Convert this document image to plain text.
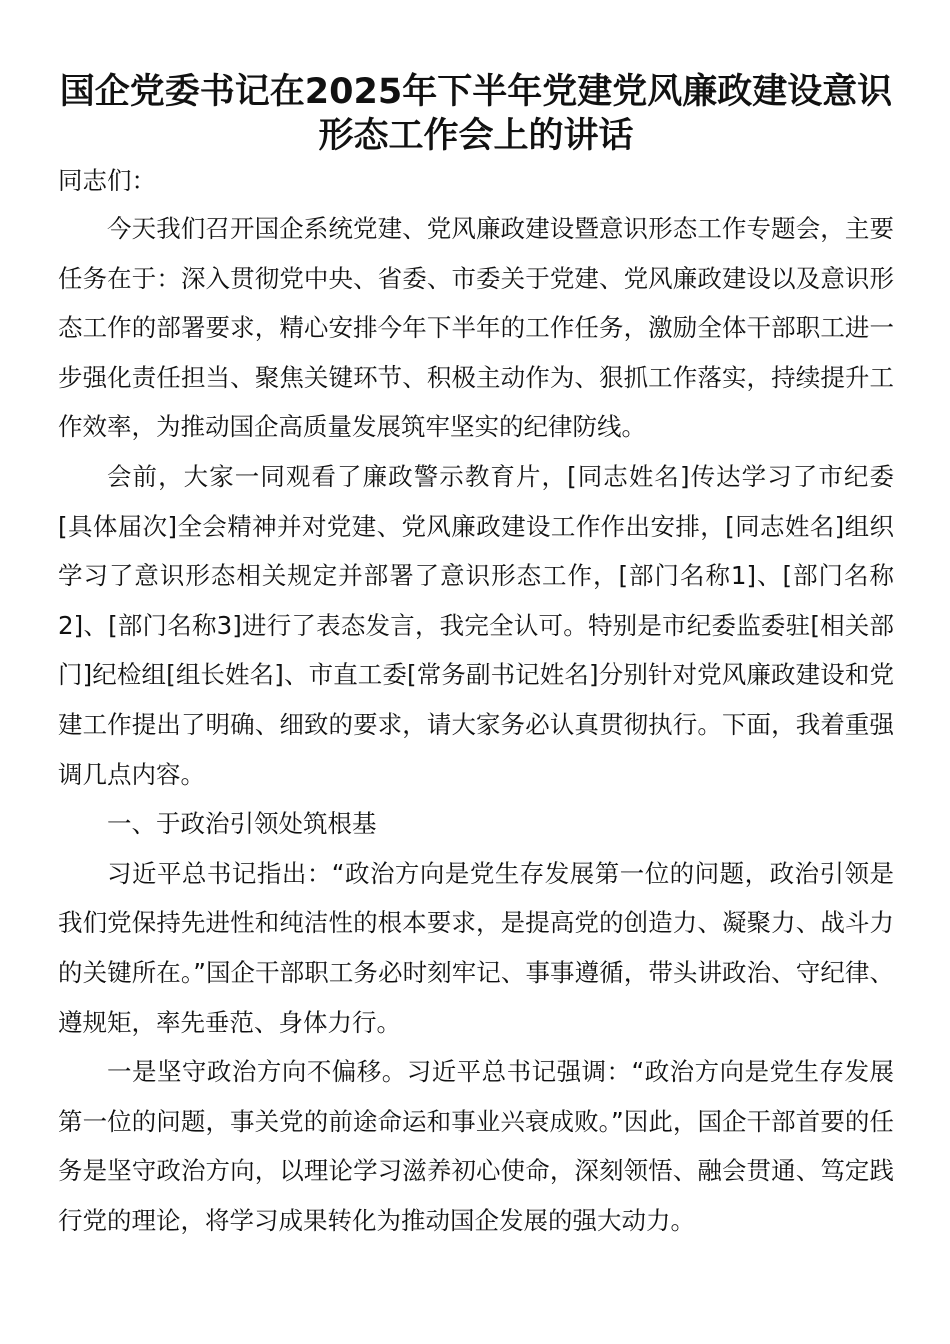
国企党委书记在2025年下半年党建党风廉政建设意识形态工作会上的讲话

同志们：

今天我们召开国企系统党建、党风廉政建设暨意识形态工作专题会，主要任务在于：深入贯彻党中央、省委、市委关于党建、党风廉政建设以及意识形态工作的部署要求，精心安排今年下半年的工作任务，激励全体干部职工进一步强化责任担当、聚焦关键环节、积极主动作为、狠抓工作落实，持续提升工作效率，为推动国企高质量发展筑牢坚实的纪律防线。

会前，大家一同观看了廉政警示教育片，[同志姓名]传达学习了市纪委[具体届次]全会精神并对党建、党风廉政建设工作作出安排，[同志姓名]组织学习了意识形态相关规定并部署了意识形态工作，[部门名称1]、[部门名称2]、[部门名称3]进行了表态发言，我完全认可。特别是市纪委监委驻[相关部门]纪检组[组长姓名]、市直工委[常务副书记姓名]分别针对党风廉政建设和党建工作提出了明确、细致的要求，请大家务必认真贯彻执行。下面，我着重强调几点内容。

一、于政治引领处筑根基

习近平总书记指出：“政治方向是党生存发展第一位的问题，政治引领是我们党保持先进性和纯洁性的根本要求，是提高党的创造力、凝聚力、战斗力的关键所在。”国企干部职工务必时刻牢记、事事遵循，带头讲政治、守纪律、遵规矩，率先垂范、身体力行。

一是坚守政治方向不偏移。习近平总书记强调：“政治方向是党生存发展第一位的问题，事关党的前途命运和事业兴衰成败。”因此，国企干部首要的任务是坚守政治方向，以理论学习滋养初心使命，深刻领悟、融会贯通、笃定践行党的理论，将学习成果转化为推动国企发展的强大动力。
